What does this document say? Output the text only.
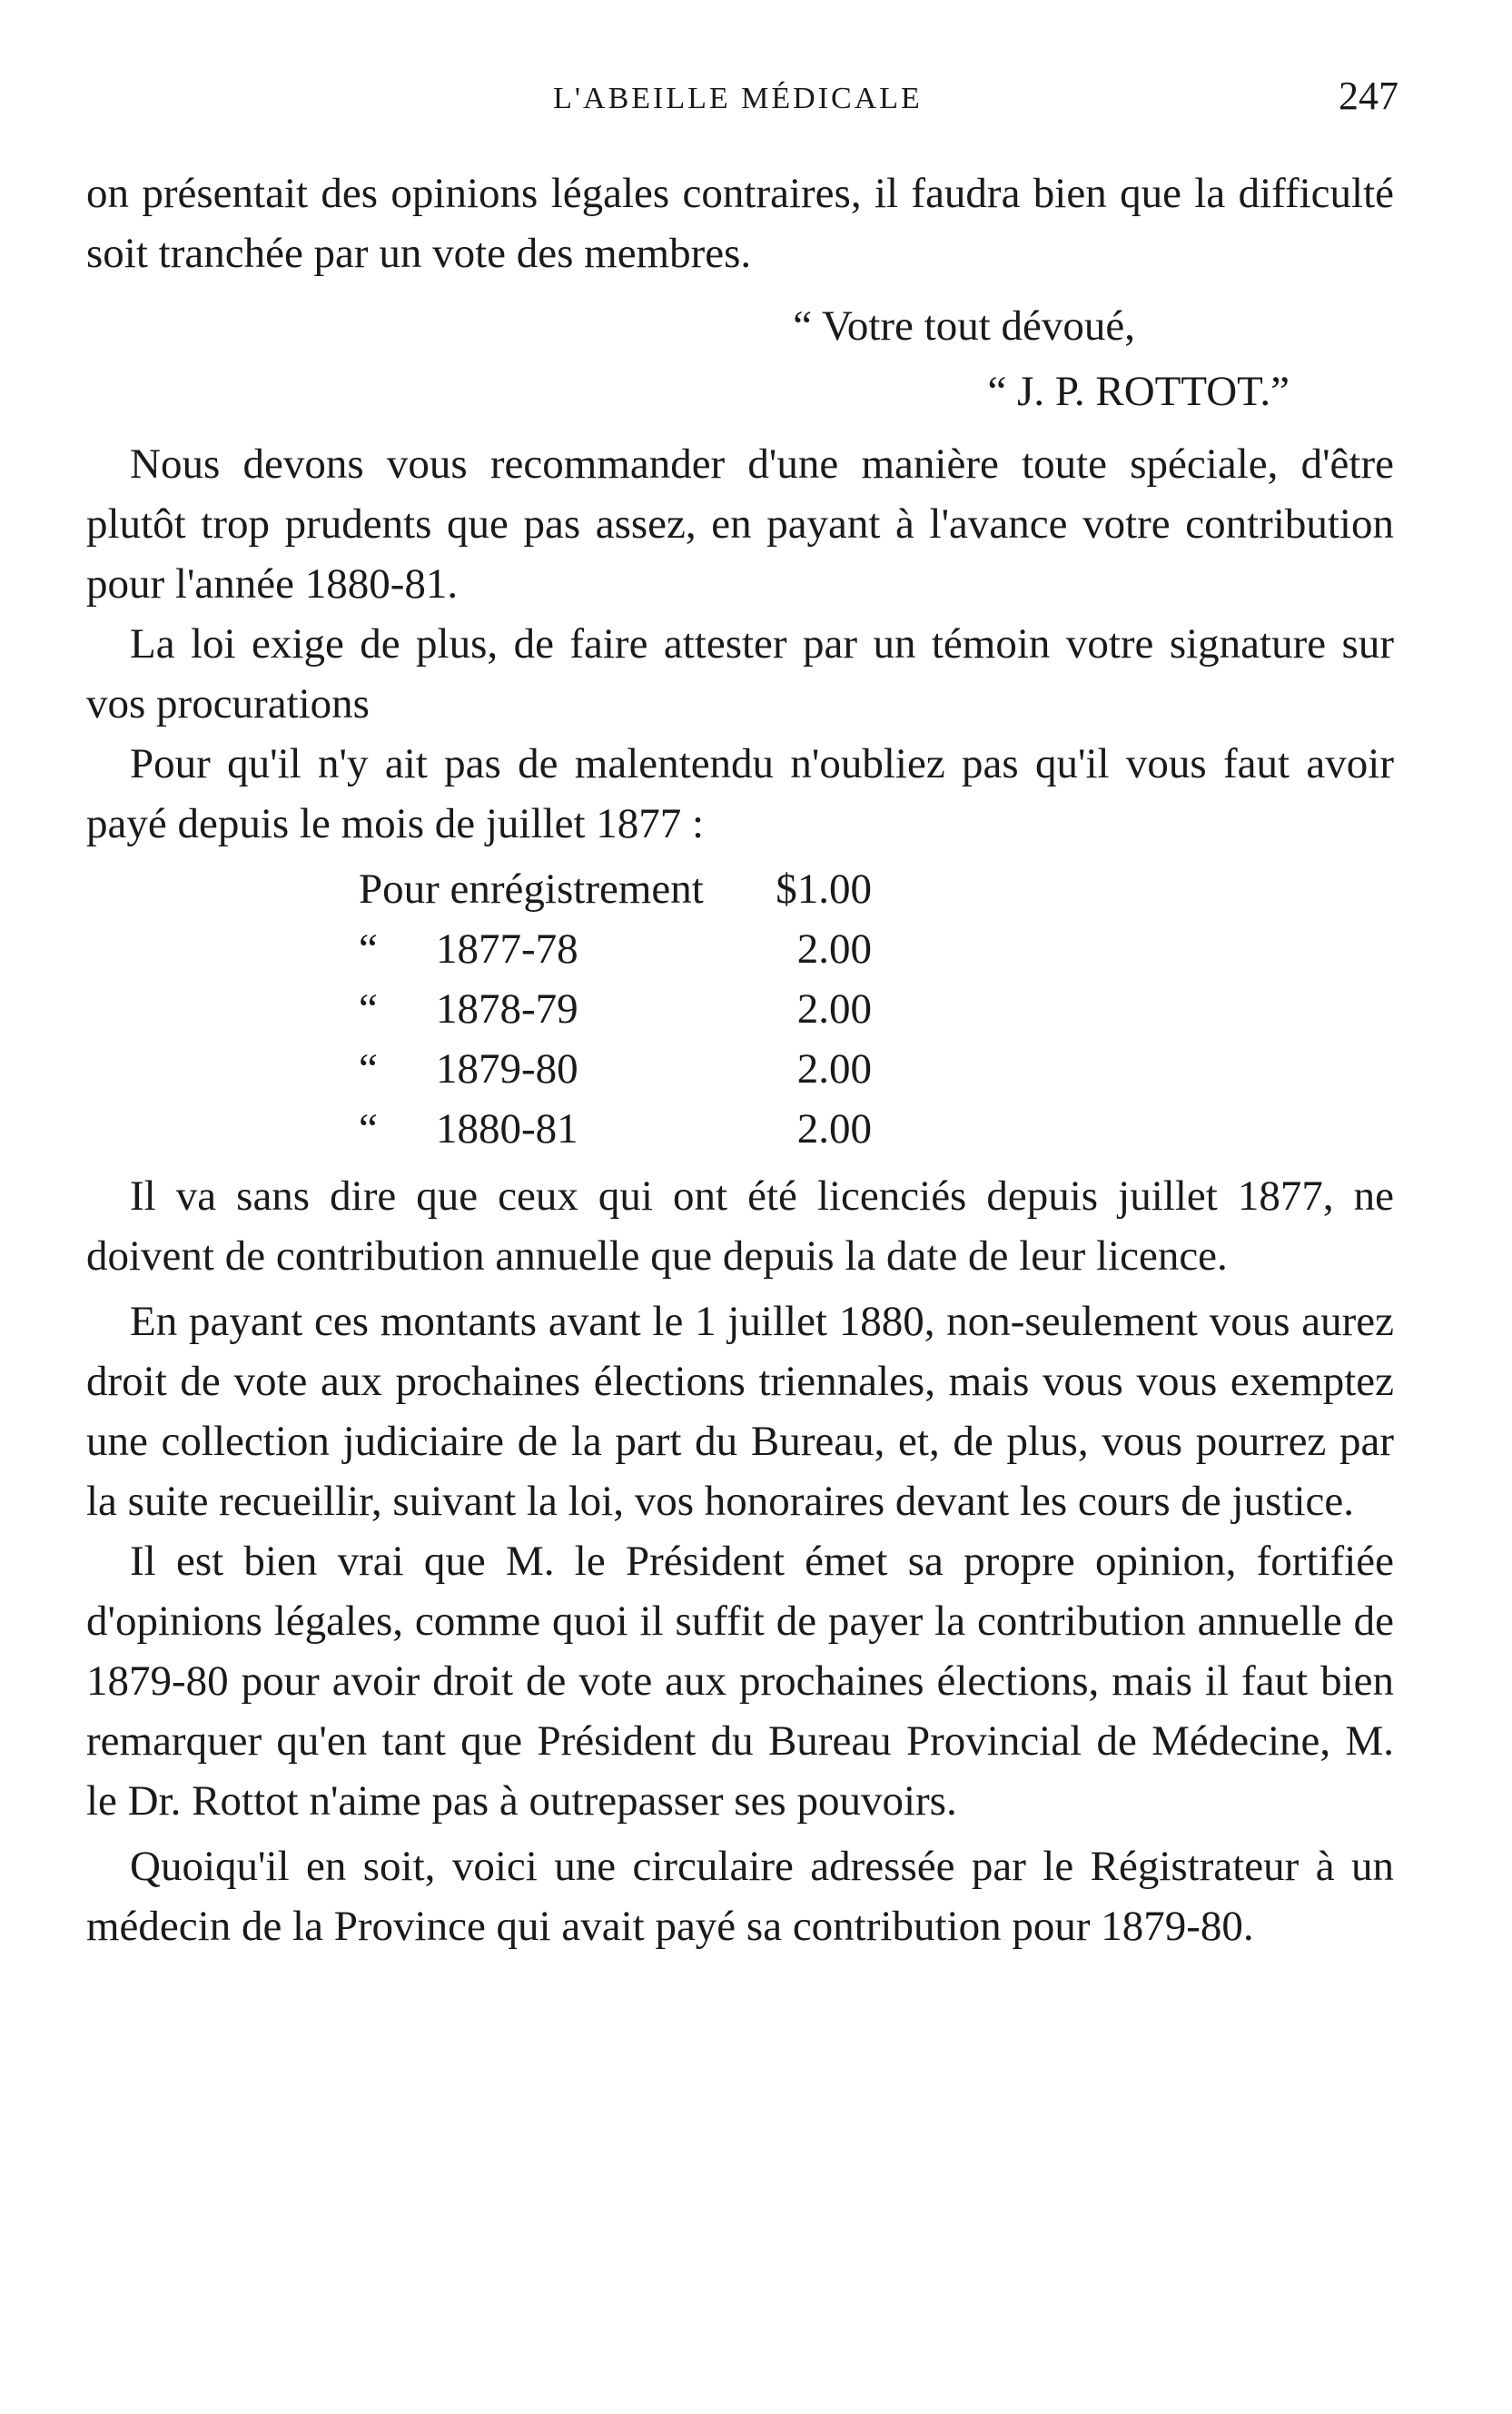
L'ABEILLE MÉDICALE	247

on présentait des opinions légales contraires, il faudra bien que la difficulté soit tranchée par un vote des membres.

“ Votre tout dévoué,

“ J. P. ROTTOT.”

Nous devons vous recommander d'une manière toute spéciale, d'être plutôt trop prudents que pas assez, en payant à l'avance votre contribution pour l'année 1880-81.

La loi exige de plus, de faire attester par un témoin votre signature sur vos procurations

Pour qu'il n'y ait pas de malentendu n'oubliez pas qu'il vous faut avoir payé depuis le mois de juillet 1877 :

Pour enrégistrement		$1.00
“	1877-78	2.00
“	1878-79	2.00
“	1879-80	2.00
“	1880-81	2.00

Il va sans dire que ceux qui ont été licenciés depuis juillet 1877, ne doivent de contribution annuelle que depuis la date de leur licence.

En payant ces montants avant le 1 juillet 1880, non-seulement vous aurez droit de vote aux prochaines élections triennales, mais vous vous exemptez une collection judiciaire de la part du Bureau, et, de plus, vous pourrez par la suite recueillir, suivant la loi, vos honoraires devant les cours de justice.

Il est bien vrai que M. le Président émet sa propre opinion, fortifiée d'opinions légales, comme quoi il suffit de payer la contribution annuelle de 1879-80 pour avoir droit de vote aux prochaines élections, mais il faut bien remarquer qu'en tant que Président du Bureau Provincial de Médecine, M. le Dr. Rottot n'aime pas à outrepasser ses pouvoirs.

Quoiqu'il en soit, voici une circulaire adressée par le Régistrateur à un médecin de la Province qui avait payé sa contribution pour 1879-80.
